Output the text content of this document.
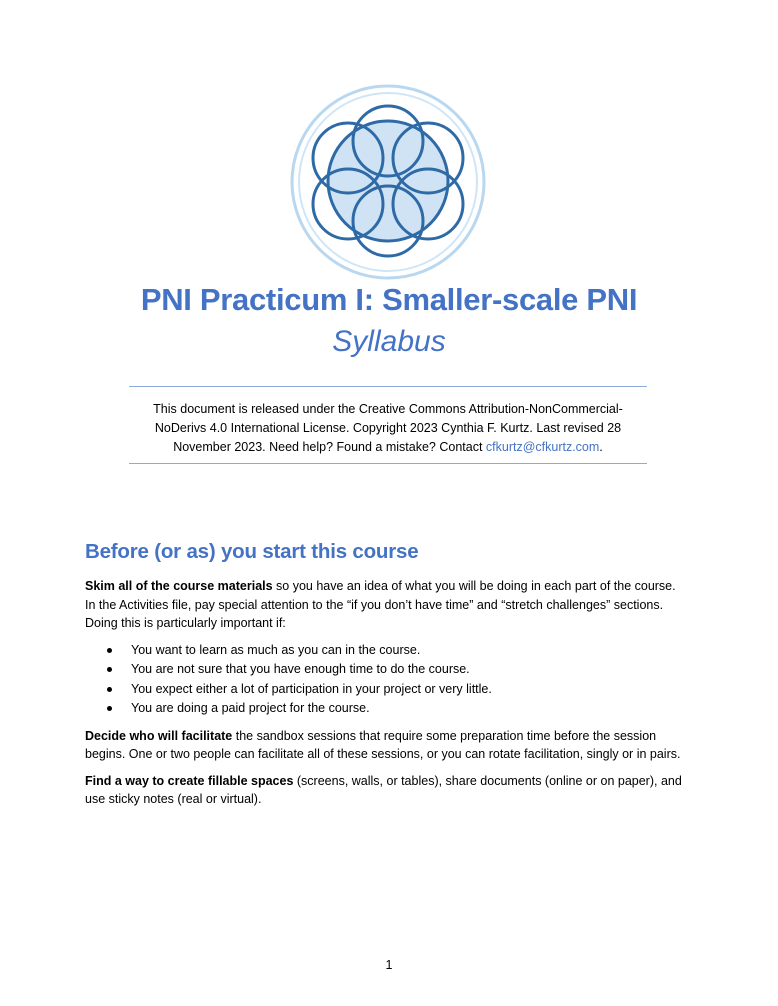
PNI Practicum I: Smaller-scale PNI
Syllabus
This document is released under the Creative Commons Attribution-NonCommercial-NoDerivs 4.0 International License. Copyright 2023 Cynthia F. Kurtz. Last revised 28 November 2023. Need help? Found a mistake? Contact cfkurtz@cfkurtz.com.
Before (or as) you start this course

Skim all of the course materials so you have an idea of what you will be doing in each part of the course. In the Activities file, pay special attention to the “if you don’t have time” and “stretch challenges” sections. Doing this is particularly important if:

You want to learn as much as you can in the course.
You are not sure that you have enough time to do the course.
You expect either a lot of participation in your project or very little.
You are doing a paid project for the course.

Decide who will facilitate the sandbox sessions that require some preparation time before the session begins. One or two people can facilitate all of these sessions, or you can rotate facilitation, singly or in pairs.

Find a way to create fillable spaces (screens, walls, or tables), share documents (online or on paper), and use sticky notes (real or virtual).

1
